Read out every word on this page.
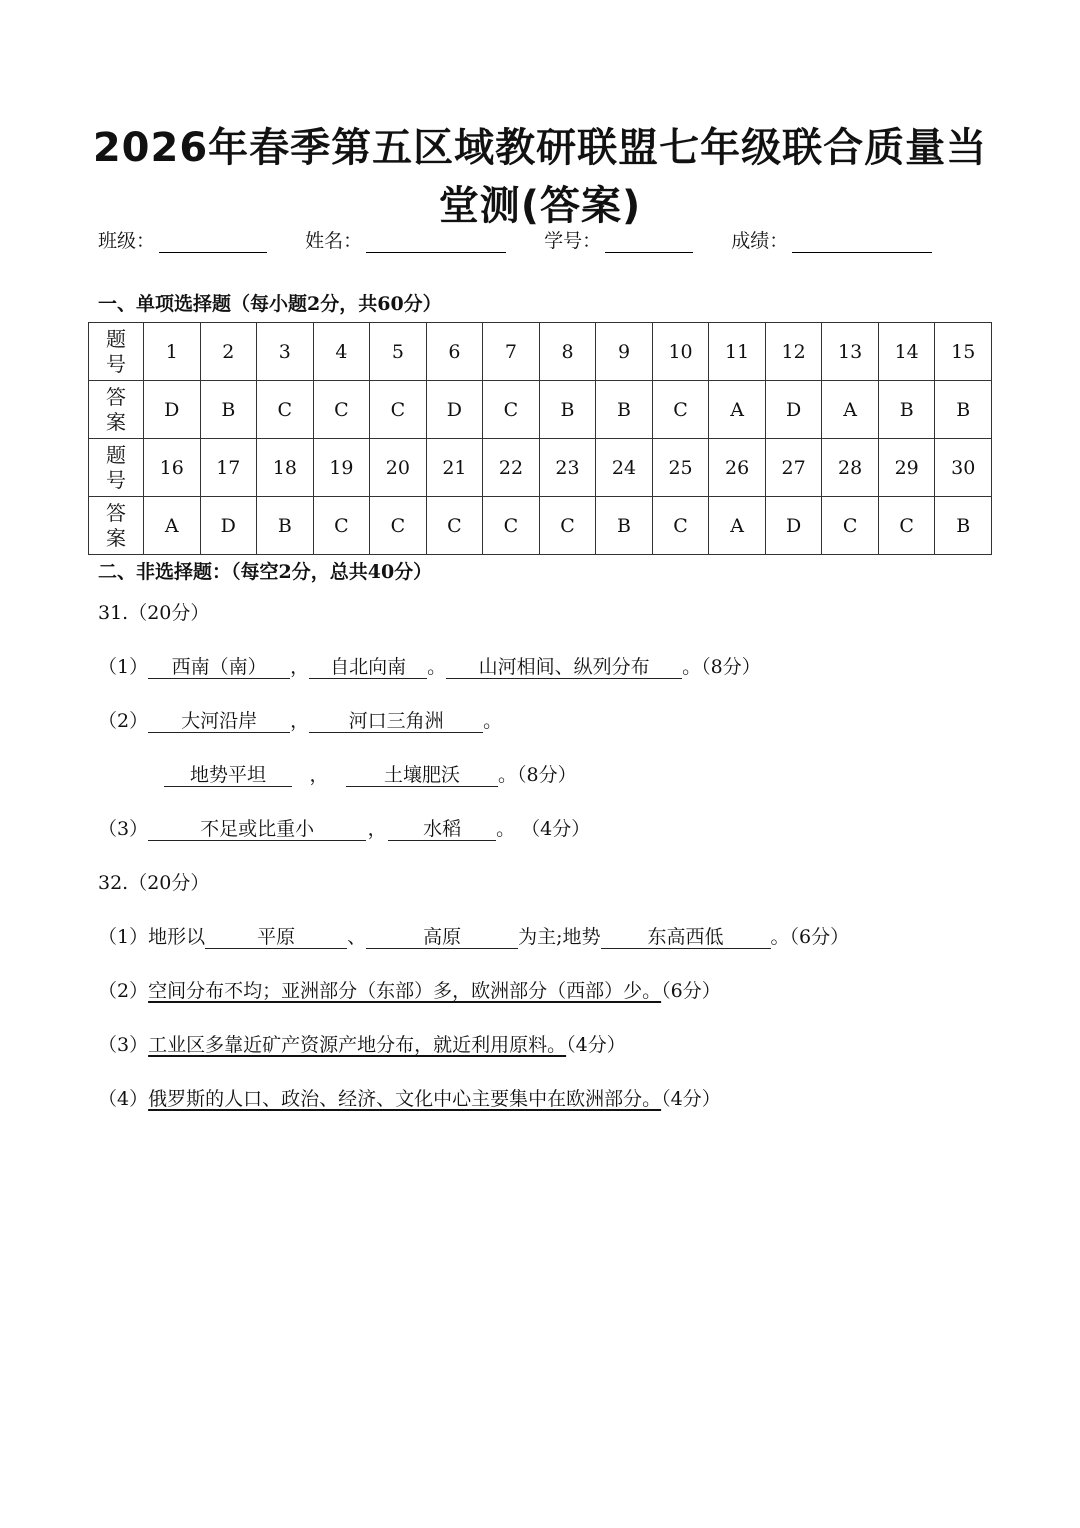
2026年春季第五区域教研联盟七年级联合质量当
堂测(答案)
班级：	姓名：	学号：	成绩：
一、单项选择题（每小题2分，共60分）
题
号	1	2	3	4	5	6	7	8	9	10	11	12	13	14	15
答
案	D	B	C	C	C	D	C	B	B	C	A	D	A	B	B
题
号	16	17	18	19	20	21	22	23	24	25	26	27	28	29	30
答
案	A	D	B	C	C	C	C	C	B	C	A	D	C	C	B
二、非选择题：（每空2分，总共40分）
31.（20分）
（1） 西南（南） ， 自北向南 。 山河相间、纵列分布 。（8分）
（2） 大河沿岸 ， 河口三角洲 。
地势平坦 ，	土壤肥沃 。（8分）
（3）	不足或比重小	， 水稻 。 （4分）
32.（20分）
（1）地形以	平原	、	高原	为主;地势 东高西低 。（6分）
（2）空间分布不均；亚洲部分（东部）多，欧洲部分（西部）少。（6分）
（3）工业区多靠近矿产资源产地分布，就近利用原料。（4分）
（4）俄罗斯的人口、政治、经济、文化中心主要集中在欧洲部分。（4分）
